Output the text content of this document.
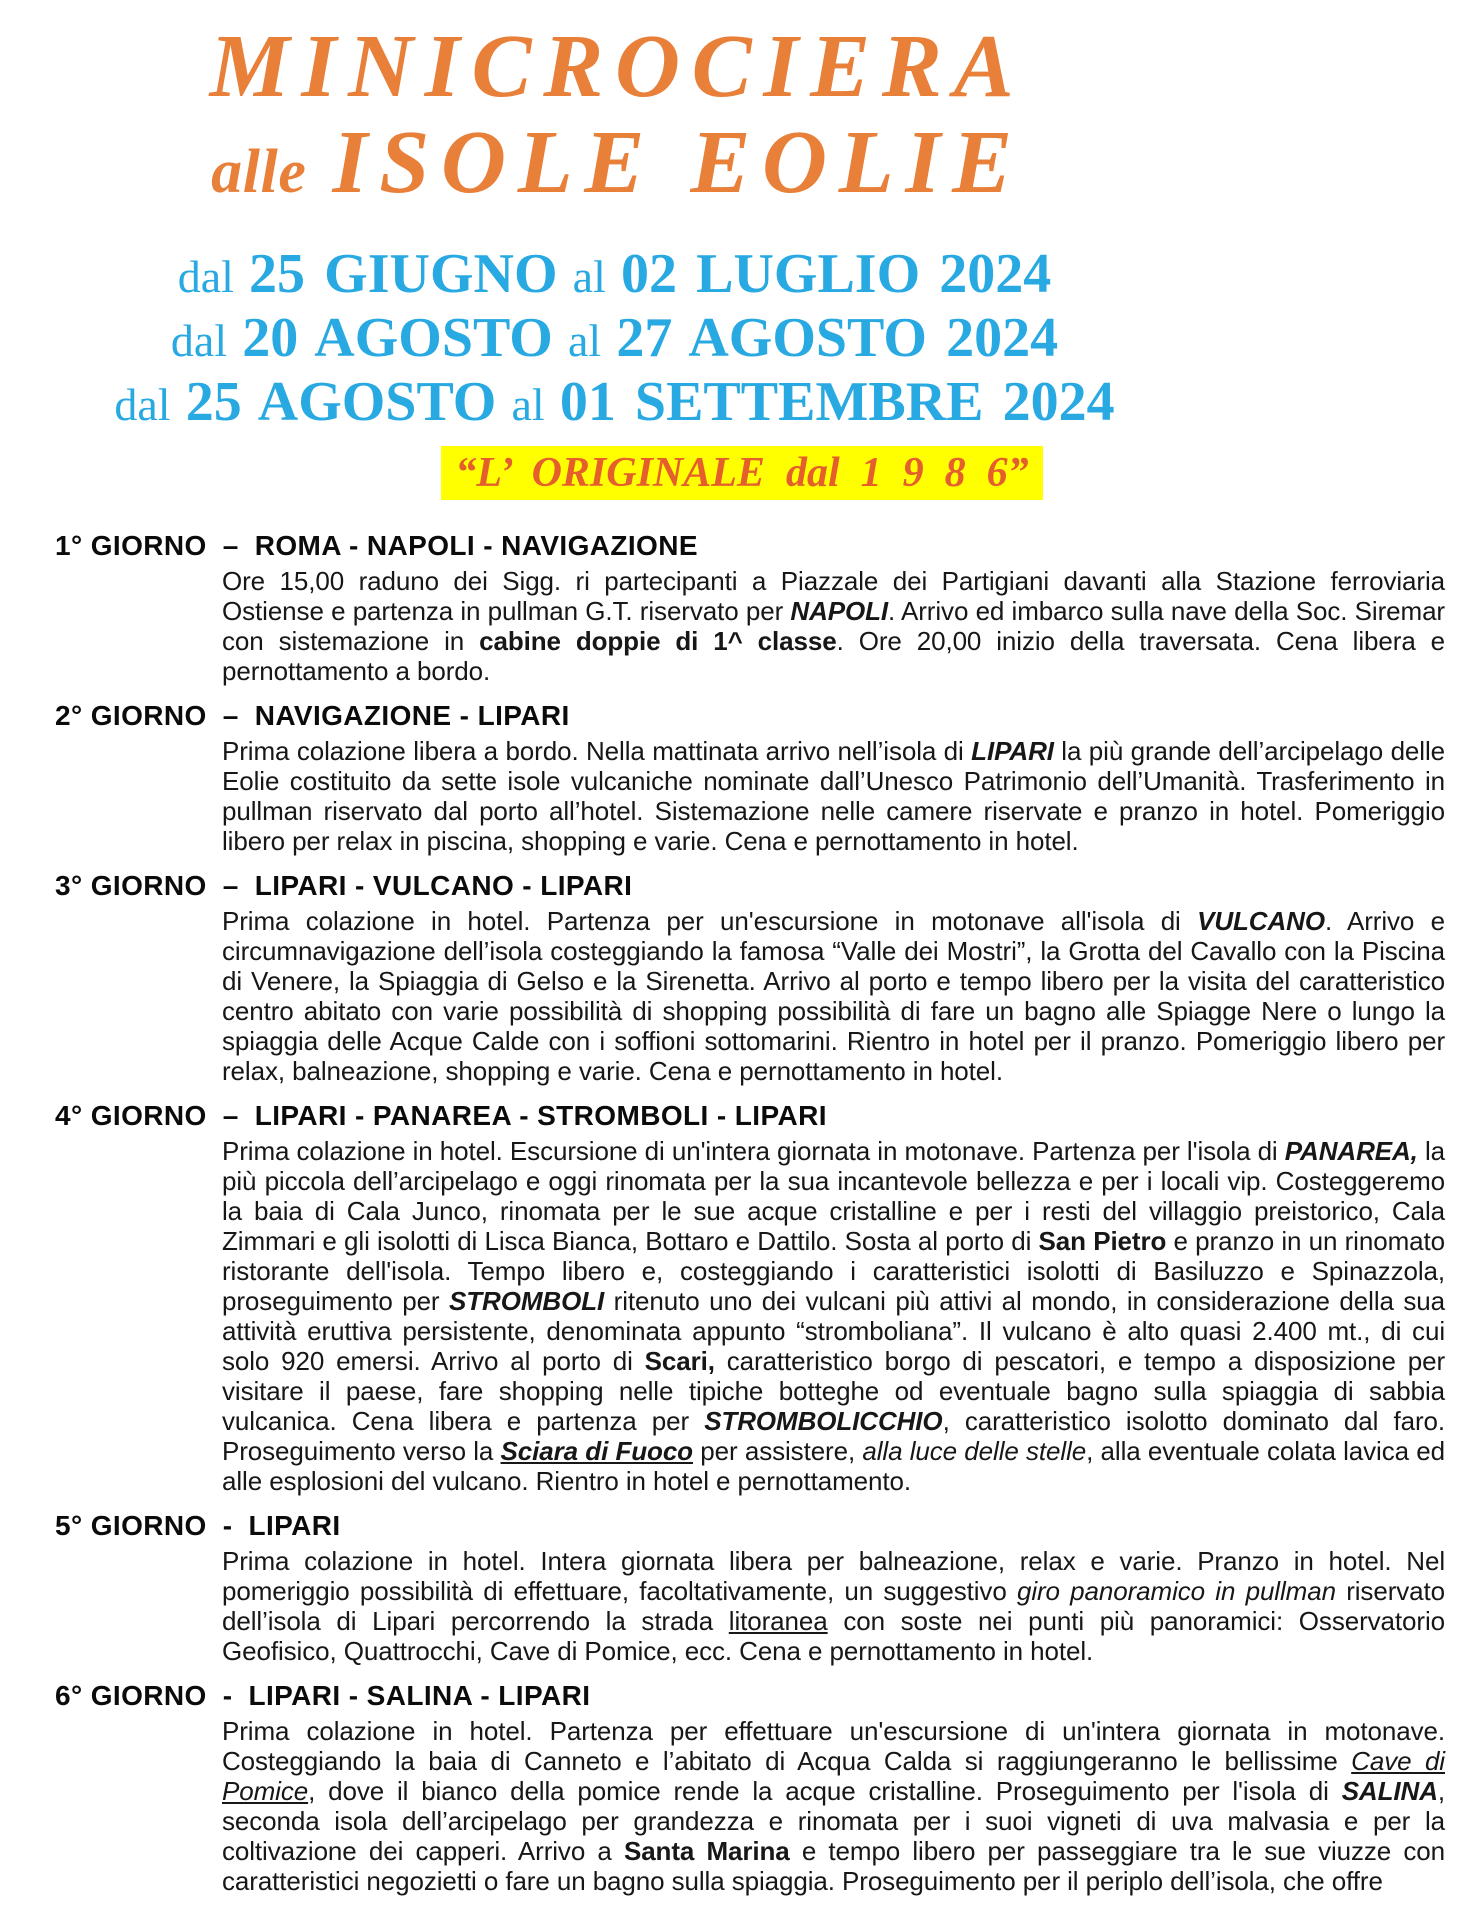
MINICROCIERA
alle ISOLE EOLIE
dal 25 GIUGNO al 02 LUGLIO 2024
dal 20 AGOSTO al 27 AGOSTO 2024
dal 25 AGOSTO al 01 SETTEMBRE 2024
“L’ ORIGINALE dal 1 9 8 6”
1° GIORNO – ROMA - NAPOLI - NAVIGAZIONE

Ore 15,00 raduno dei Sigg. ri partecipanti a Piazzale dei Partigiani davanti alla Stazione ferroviaria Ostiense e partenza in pullman G.T. riservato per NAPOLI. Arrivo ed imbarco sulla nave della Soc. Siremar con sistemazione in cabine doppie di 1^ classe. Ore 20,00 inizio della traversata. Cena libera e pernottamento a bordo.

2° GIORNO – NAVIGAZIONE - LIPARI

Prima colazione libera a bordo. Nella mattinata arrivo nell’isola di LIPARI la più grande dell’arcipelago delle Eolie costituito da sette isole vulcaniche nominate dall’Unesco Patrimonio dell’Umanità. Trasferimento in pullman riservato dal porto all’hotel. Sistemazione nelle camere riservate e pranzo in hotel. Pomeriggio libero per relax in piscina, shopping e varie. Cena e pernottamento in hotel.

3° GIORNO – LIPARI - VULCANO - LIPARI

Prima colazione in hotel. Partenza per un'escursione in motonave all'isola di VULCANO. Arrivo e circumnavigazione dell’isola costeggiando la famosa “Valle dei Mostri”, la Grotta del Cavallo con la Piscina di Venere, la Spiaggia di Gelso e la Sirenetta. Arrivo al porto e tempo libero per la visita del caratteristico centro abitato con varie possibilità di shopping possibilità di fare un bagno alle Spiagge Nere o lungo la spiaggia delle Acque Calde con i soffioni sottomarini. Rientro in hotel per il pranzo. Pomeriggio libero per relax, balneazione, shopping e varie. Cena e pernottamento in hotel.

4° GIORNO – LIPARI - PANAREA - STROMBOLI - LIPARI

Prima colazione in hotel. Escursione di un'intera giornata in motonave. Partenza per l'isola di PANAREA, la più piccola dell’arcipelago e oggi rinomata per la sua incantevole bellezza e per i locali vip. Costeggeremo la baia di Cala Junco, rinomata per le sue acque cristalline e per i resti del villaggio preistorico, Cala Zimmari e gli isolotti di Lisca Bianca, Bottaro e Dattilo. Sosta al porto di San Pietro e pranzo in un rinomato ristorante dell'isola. Tempo libero e, costeggiando i caratteristici isolotti di Basiluzzo e Spinazzola, proseguimento per STROMBOLI ritenuto uno dei vulcani più attivi al mondo, in considerazione della sua attività eruttiva persistente, denominata appunto “stromboliana”. Il vulcano è alto quasi 2.400 mt., di cui solo 920 emersi. Arrivo al porto di Scari, caratteristico borgo di pescatori, e tempo a disposizione per visitare il paese, fare shopping nelle tipiche botteghe od eventuale bagno sulla spiaggia di sabbia vulcanica. Cena libera e partenza per STROMBOLICCHIO, caratteristico isolotto dominato dal faro. Proseguimento verso la Sciara di Fuoco per assistere, alla luce delle stelle, alla eventuale colata lavica ed alle esplosioni del vulcano. Rientro in hotel e pernottamento.

5° GIORNO - LIPARI

Prima colazione in hotel. Intera giornata libera per balneazione, relax e varie. Pranzo in hotel. Nel pomeriggio possibilità di effettuare, facoltativamente, un suggestivo giro panoramico in pullman riservato dell’isola di Lipari percorrendo la strada litoranea con soste nei punti più panoramici: Osservatorio Geofisico, Quattrocchi, Cave di Pomice, ecc. Cena e pernottamento in hotel.

6° GIORNO - LIPARI - SALINA - LIPARI

Prima colazione in hotel. Partenza per effettuare un'escursione di un'intera giornata in motonave. Costeggiando la baia di Canneto e l’abitato di Acqua Calda si raggiungeranno le bellissime Cave di Pomice, dove il bianco della pomice rende la acque cristalline. Proseguimento per l'isola di SALINA, seconda isola dell’arcipelago per grandezza e rinomata per i suoi vigneti di uva malvasia e per la coltivazione dei capperi. Arrivo a Santa Marina e tempo libero per passeggiare tra le sue viuzze con caratteristici negozietti o fare un bagno sulla spiaggia. Proseguimento per il periplo dell’isola, che offre
